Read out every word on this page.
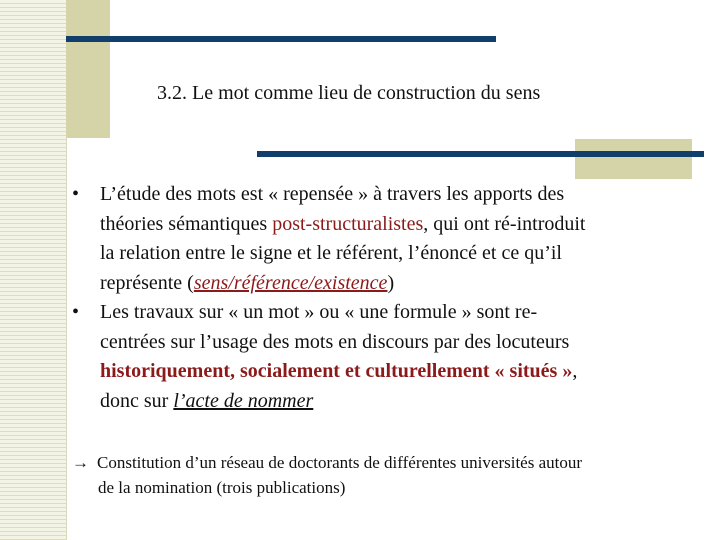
3.2. Le mot comme lieu de construction du sens

• L’étude des mots est « repensée » à travers les apports des
théories sémantiques post-structuralistes, qui ont ré-introduit
la relation entre le signe et le référent, l’énoncé et ce qu’il
représente (sens/référence/existence)

• Les travaux sur « un mot » ou « une formule » sont re-
centrées sur l’usage des mots en discours par des locuteurs
historiquement, socialement et culturellement « situés »,
donc sur l’acte de nommer

→ Constitution d’un réseau de doctorants de différentes universités autour
de la nomination (trois publications)
